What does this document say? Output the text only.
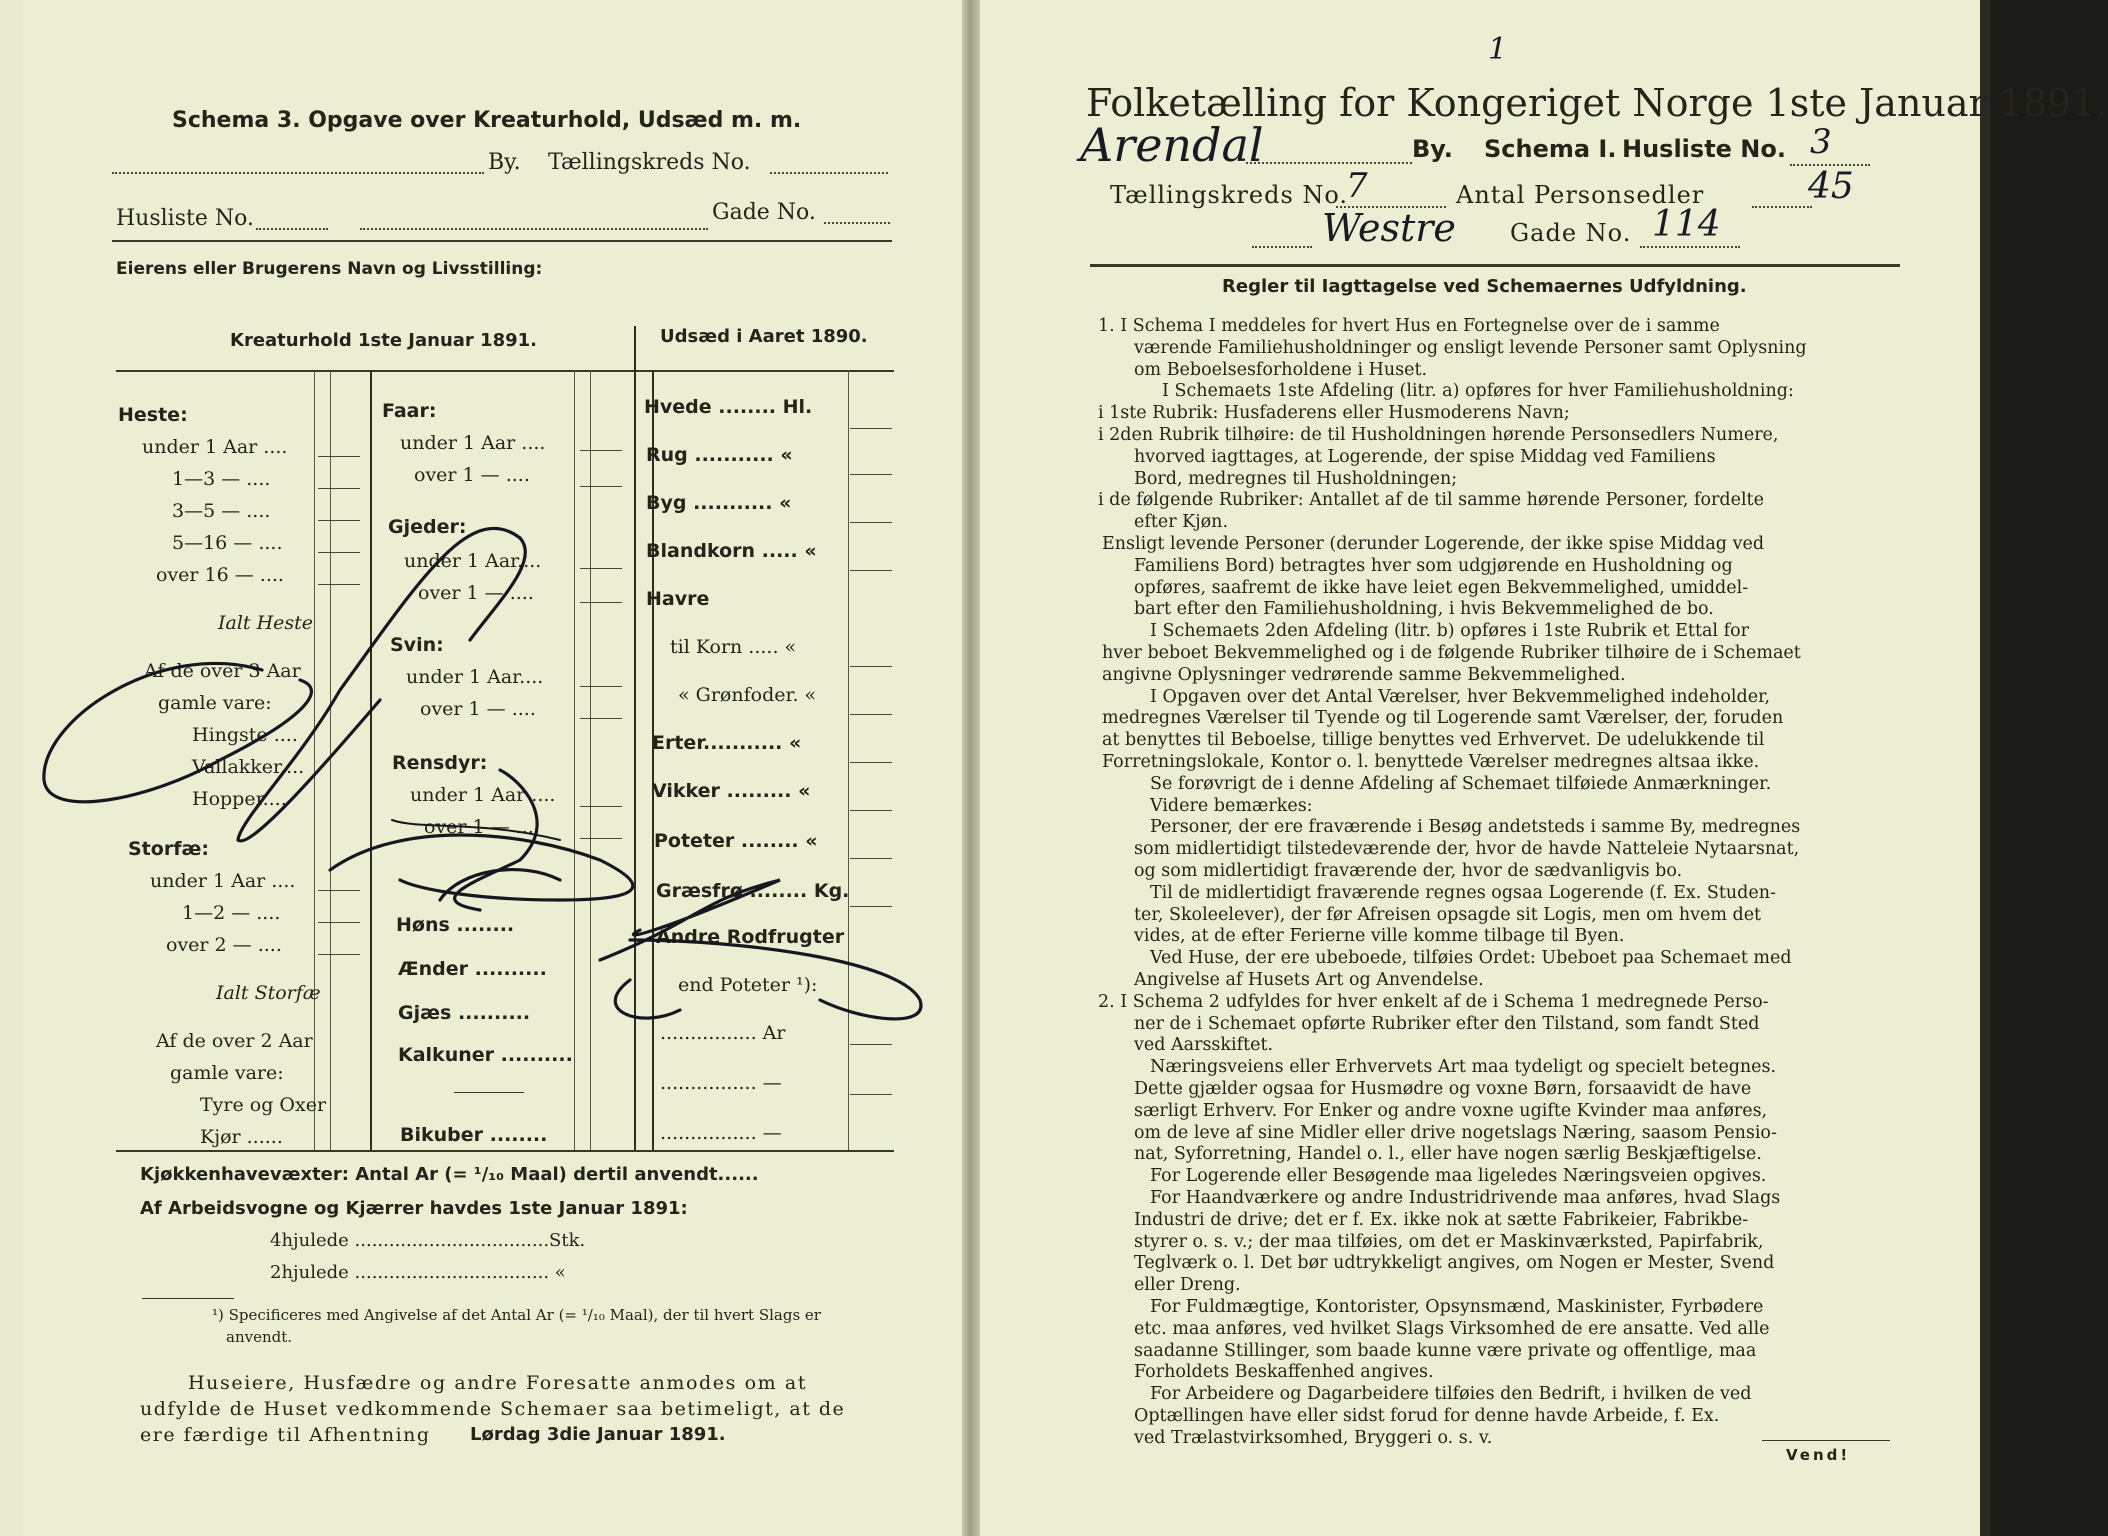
1
Schema 3. Opgave over Kreaturhold, Udsæd m. m.
By. Tællingskreds No.
Husliste No.	Gade No.
Eierens eller Brugerens Navn og Livsstilling:
Kreaturhold 1ste Januar 1891.	Udsæd i Aaret 1890.
Heste:
under 1 Aar ....
1—3 — ....
3—5 — ....
5—16 — ....
over 16 — ....
Ialt Heste
Af de over 3 Aar
gamle vare:
Hingste ....
Vallakker....
Hopper....
Storfæ:
under 1 Aar ....
1—2 — ....
over 2 — ....
Ialt Storfæ
Af de over 2 Aar
gamle vare:
Tyre og Oxer
Kjør ......
Faar:
under 1 Aar ....
over 1 — ....
Gjeder:
under 1 Aar....
over 1 — ....
Svin:
under 1 Aar....
over 1 — ....
Rensdyr:
under 1 Aar ....
over 1 — ....
Høns ........
Ænder ..........
Gjæs ..........
Kalkuner ..........
Bikuber ........
Hvede ........ Hl.
Rug ........... «
Byg ........... «
Blandkorn ..... «
Havre
til Korn ..... «
« Grønfoder. «
Erter........... «
Vikker ......... «
Poteter ........ «
Græsfrø ........ Kg.
Andre Rodfrugter
end Poteter ¹):
................ Ar
................ —
................ —
Kjøkkenhavevæxter: Antal Ar (= ¹/₁₀ Maal) dertil anvendt......
Af Arbeidsvogne og Kjærrer havdes 1ste Januar 1891:
4hjulede ..................................Stk.
2hjulede .................................. «
¹) Specificeres med Angivelse af det Antal Ar (= ¹/₁₀ Maal), der til hvert Slags er
anvendt.
Huseiere, Husfædre og andre Foresatte anmodes om at
udfylde de Huset vedkommende Schemaer saa betimeligt, at de
ere færdige til Afhentning Lørdag 3die Januar 1891.
Folketælling for Kongeriget Norge 1ste Januar 1891.
Arendal	By. Schema I. Husliste No. 3
Tællingskreds No.
7	Antal Personsedler	45
Westre Gade No. 114
Regler til Iagttagelse ved Schemaernes Udfyldning.
1. I Schema I meddeles for hvert Hus en Fortegnelse over de i samme
værende Familiehusholdninger og ensligt levende Personer samt Oplysning
om Beboelsesforholdene i Huset.
I Schemaets 1ste Afdeling (litr. a) opføres for hver Familiehusholdning:
i 1ste Rubrik: Husfaderens eller Husmoderens Navn;
i 2den Rubrik tilhøire: de til Husholdningen hørende Personsedlers Numere,
hvorved iagttages, at Logerende, der spise Middag ved Familiens
Bord, medregnes til Husholdningen;
i de følgende Rubriker: Antallet af de til samme hørende Personer, fordelte
efter Kjøn.
Ensligt levende Personer (derunder Logerende, der ikke spise Middag ved
Familiens Bord) betragtes hver som udgjørende en Husholdning og
opføres, saafremt de ikke have leiet egen Bekvemmelighed, umiddel-
bart efter den Familiehusholdning, i hvis Bekvemmelighed de bo.
I Schemaets 2den Afdeling (litr. b) opføres i 1ste Rubrik et Ettal for
hver beboet Bekvemmelighed og i de følgende Rubriker tilhøire de i Schemaet
angivne Oplysninger vedrørende samme Bekvemmelighed.
I Opgaven over det Antal Værelser, hver Bekvemmelighed indeholder,
medregnes Værelser til Tyende og til Logerende samt Værelser, der, foruden
at benyttes til Beboelse, tillige benyttes ved Erhvervet. De udelukkende til
Forretningslokale, Kontor o. l. benyttede Værelser medregnes altsaa ikke.
Se forøvrigt de i denne Afdeling af Schemaet tilføiede Anmærkninger.
Videre bemærkes:
Personer, der ere fraværende i Besøg andetsteds i samme By, medregnes
som midlertidigt tilstedeværende der, hvor de havde Natteleie Nytaarsnat,
og som midlertidigt fraværende der, hvor de sædvanligvis bo.
Til de midlertidigt fraværende regnes ogsaa Logerende (f. Ex. Studen-
ter, Skoleelever), der før Afreisen opsagde sit Logis, men om hvem det
vides, at de efter Ferierne ville komme tilbage til Byen.
Ved Huse, der ere ubeboede, tilføies Ordet: Ubeboet paa Schemaet med
Angivelse af Husets Art og Anvendelse.
2. I Schema 2 udfyldes for hver enkelt af de i Schema 1 medregnede Perso-
ner de i Schemaet opførte Rubriker efter den Tilstand, som fandt Sted
ved Aarsskiftet.
Næringsveiens eller Erhvervets Art maa tydeligt og specielt betegnes.
Dette gjælder ogsaa for Husmødre og voxne Børn, forsaavidt de have
særligt Erhverv. For Enker og andre voxne ugifte Kvinder maa anføres,
om de leve af sine Midler eller drive nogetslags Næring, saasom Pensio-
nat, Syforretning, Handel o. l., eller have nogen særlig Beskjæftigelse.
For Logerende eller Besøgende maa ligeledes Næringsveien opgives.
For Haandværkere og andre Industridrivende maa anføres, hvad Slags
Industri de drive; det er f. Ex. ikke nok at sætte Fabrikeier, Fabrikbe-
styrer o. s. v.; der maa tilføies, om det er Maskinværksted, Papirfabrik,
Teglværk o. l. Det bør udtrykkeligt angives, om Nogen er Mester, Svend
eller Dreng.
For Fuldmægtige, Kontorister, Opsynsmænd, Maskinister, Fyrbødere
etc. maa anføres, ved hvilket Slags Virksomhed de ere ansatte. Ved alle
saadanne Stillinger, som baade kunne være private og offentlige, maa
Forholdets Beskaffenhed angives.
For Arbeidere og Dagarbeidere tilføies den Bedrift, i hvilken de ved
Optællingen have eller sidst forud for denne havde Arbeide, f. Ex.
ved Trælastvirksomhed, Bryggeri o. s. v.
Vend!
